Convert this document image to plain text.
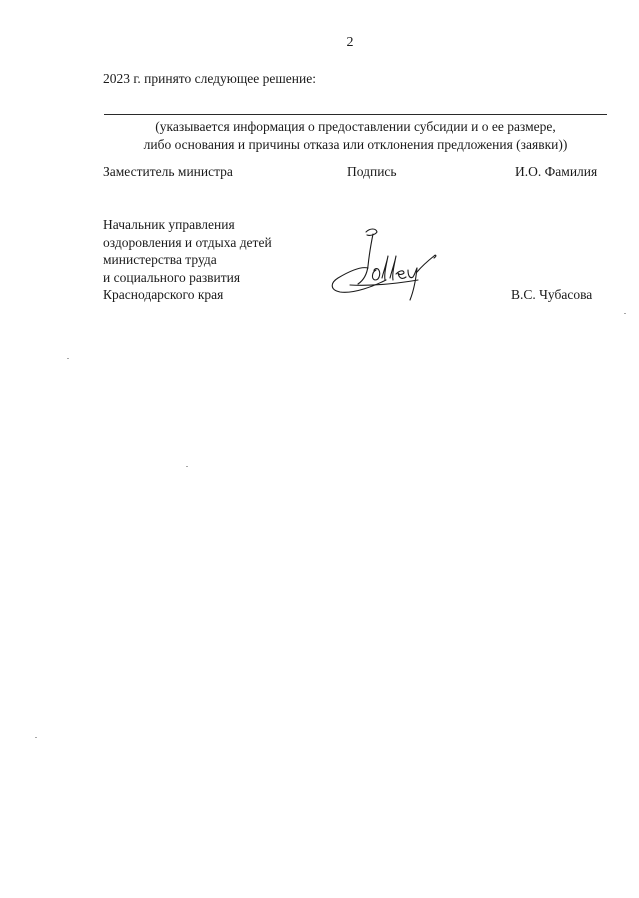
2
2023 г. принято следующее решение:
(указывается информация о предоставлении субсидии и о ее размере,
либо основания и причины отказа или отклонения предложения (заявки))
Заместитель министра	Подпись	И.О. Фамилия
Начальник управления
оздоровления и отдыха детей
министерства труда
и социального развития
Краснодарского края	В.С. Чубасова
